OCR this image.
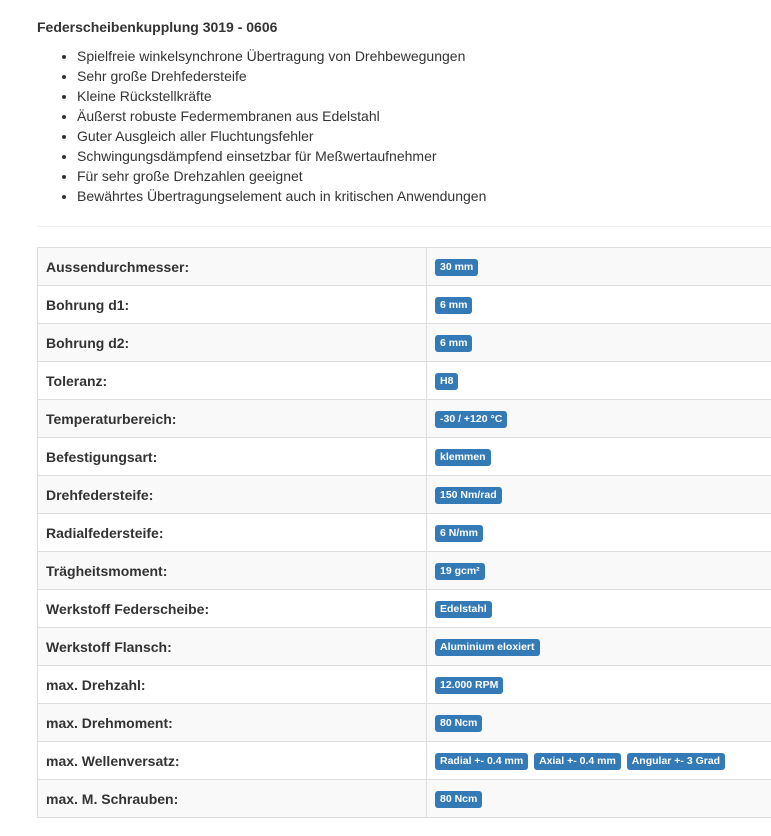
Federscheibenkupplung 3019 - 0606
• Spielfreie winkelsynchrone Übertragung von Drehbewegungen
• Sehr große Drehfedersteife
• Kleine Rückstellkräfte
• Äußerst robuste Federmembranen aus Edelstahl
• Guter Ausgleich aller Fluchtungsfehler
• Schwingungsdämpfend einsetzbar für Meßwertaufnehmer
• Für sehr große Drehzahlen geeignet
• Bewährtes Übertragungselement auch in kritischen Anwendungen
Aussendurchmesser:	30 mm
Bohrung d1:	6 mm
Bohrung d2:	6 mm
Toleranz:	H8
Temperaturbereich:	-30 / +120 °C
Befestigungsart:	klemmen
Drehfedersteife:	150 Nm/rad
Radialfedersteife:	6 N/mm
Trägheitsmoment:	19 gcm²
Werkstoff Federscheibe:	Edelstahl
Werkstoff Flansch:	Aluminium eloxiert
max. Drehzahl:	12.000 RPM
max. Drehmoment:	80 Ncm
max. Wellenversatz:	Radial +- 0.4 mm Axial +- 0.4 mm Angular +- 3 Grad
max. M. Schrauben:	80 Ncm
